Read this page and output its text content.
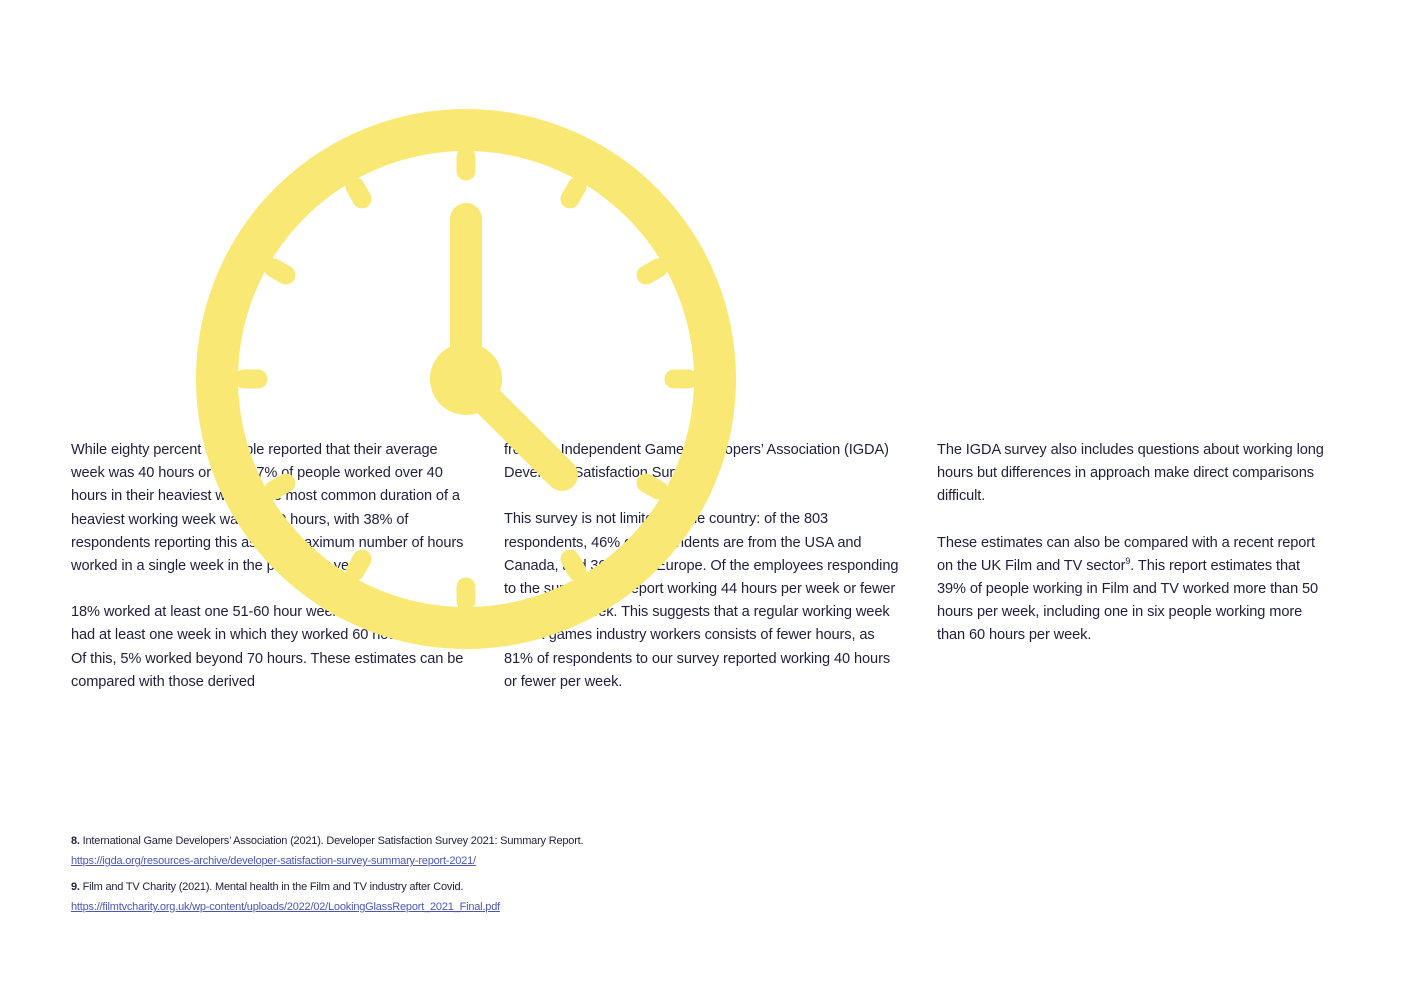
While eighty percent of people reported that their average week was 40 hours or less, 67% of people worked over 40 hours in their heaviest week. The most common duration of a heaviest working week was 41-50 hours, with 38% of respondents reporting this as their maximum number of hours worked in a single week in the preceding year.

18% worked at least one 51-60 hour week, while 6% of people had at least one week in which they worked 60 hours or more. Of this, 5% worked beyond 70 hours. These estimates can be compared with those derived

from the Independent Game Developers’ Association (IGDA) Developer Satisfaction Survey$^8$.

This survey is not limited to one country: of the 803 respondents, 46% of respondents are from the USA and Canada, and 30% from Europe. Of the employees responding to the survey, 79% report working 44 hours per week or fewer in a regular week. This suggests that a regular working week for UK games industry workers consists of fewer hours, as 81% of respondents to our survey reported working 40 hours or fewer per week.

The IGDA survey also includes questions about working long hours but differences in approach make direct comparisons difficult.

These estimates can also be compared with a recent report on the UK Film and TV sector$^9$. This report estimates that 39% of people working in Film and TV worked more than 50 hours per week, including one in six people working more than 60 hours per week.

8. International Game Developers’ Association (2021). Developer Satisfaction Survey 2021: Summary Report.
https://igda.org/resources-archive/developer-satisfaction-survey-summary-report-2021/
9. Film and TV Charity (2021). Mental health in the Film and TV industry after Covid.
https://filmtvcharity.org.uk/wp-content/uploads/2022/02/LookingGlassReport_2021_Final.pdf
